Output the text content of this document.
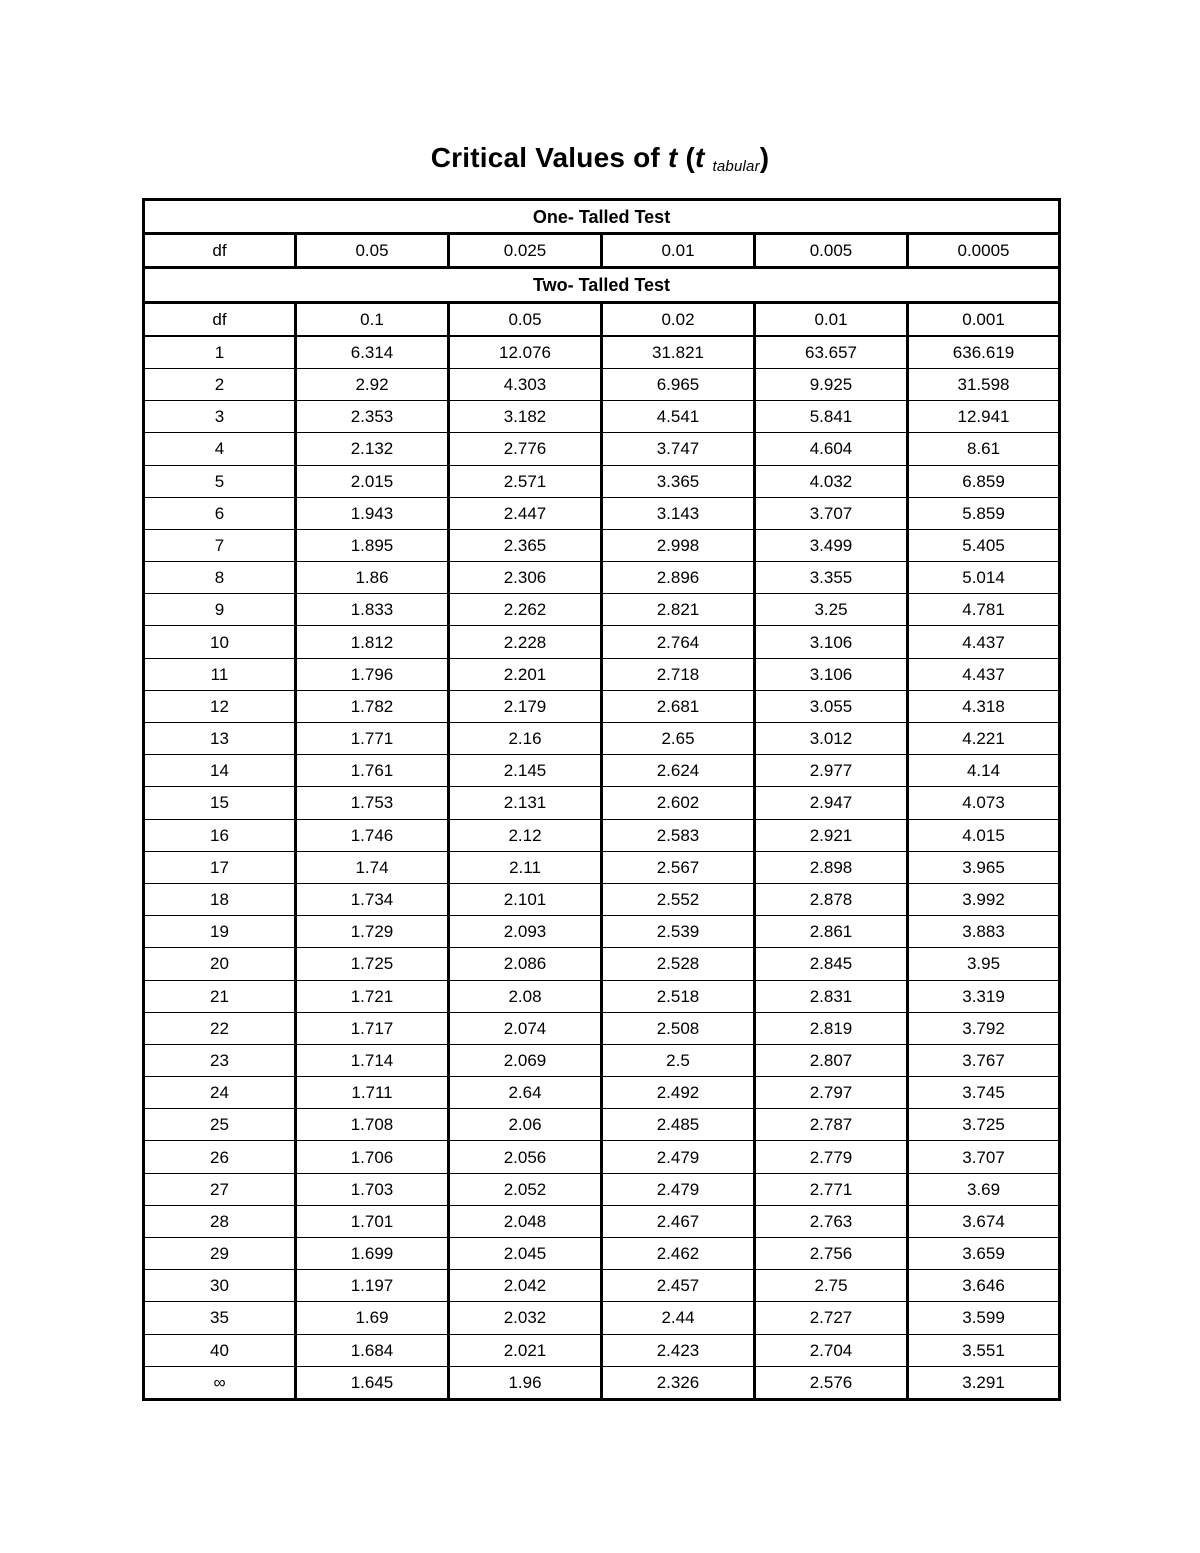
Critical Values of t (t $_{tabular}$)
One- Talled Test					
df	0.05	0.025	0.01	0.005	0.0005
Two- Talled Test					
df	0.1	0.05	0.02	0.01	0.001
1	6.314	12.076	31.821	63.657	636.619
2	2.92	4.303	6.965	9.925	31.598
3	2.353	3.182	4.541	5.841	12.941
4	2.132	2.776	3.747	4.604	8.61
5	2.015	2.571	3.365	4.032	6.859
6	1.943	2.447	3.143	3.707	5.859
7	1.895	2.365	2.998	3.499	5.405
8	1.86	2.306	2.896	3.355	5.014
9	1.833	2.262	2.821	3.25	4.781
10	1.812	2.228	2.764	3.106	4.437
11	1.796	2.201	2.718	3.106	4.437
12	1.782	2.179	2.681	3.055	4.318
13	1.771	2.16	2.65	3.012	4.221
14	1.761	2.145	2.624	2.977	4.14
15	1.753	2.131	2.602	2.947	4.073
16	1.746	2.12	2.583	2.921	4.015
17	1.74	2.11	2.567	2.898	3.965
18	1.734	2.101	2.552	2.878	3.992
19	1.729	2.093	2.539	2.861	3.883
20	1.725	2.086	2.528	2.845	3.95
21	1.721	2.08	2.518	2.831	3.319
22	1.717	2.074	2.508	2.819	3.792
23	1.714	2.069	2.5	2.807	3.767
24	1.711	2.64	2.492	2.797	3.745
25	1.708	2.06	2.485	2.787	3.725
26	1.706	2.056	2.479	2.779	3.707
27	1.703	2.052	2.479	2.771	3.69
28	1.701	2.048	2.467	2.763	3.674
29	1.699	2.045	2.462	2.756	3.659
30	1.197	2.042	2.457	2.75	3.646
35	1.69	2.032	2.44	2.727	3.599
40	1.684	2.021	2.423	2.704	3.551
∞	1.645	1.96	2.326	2.576	3.291
